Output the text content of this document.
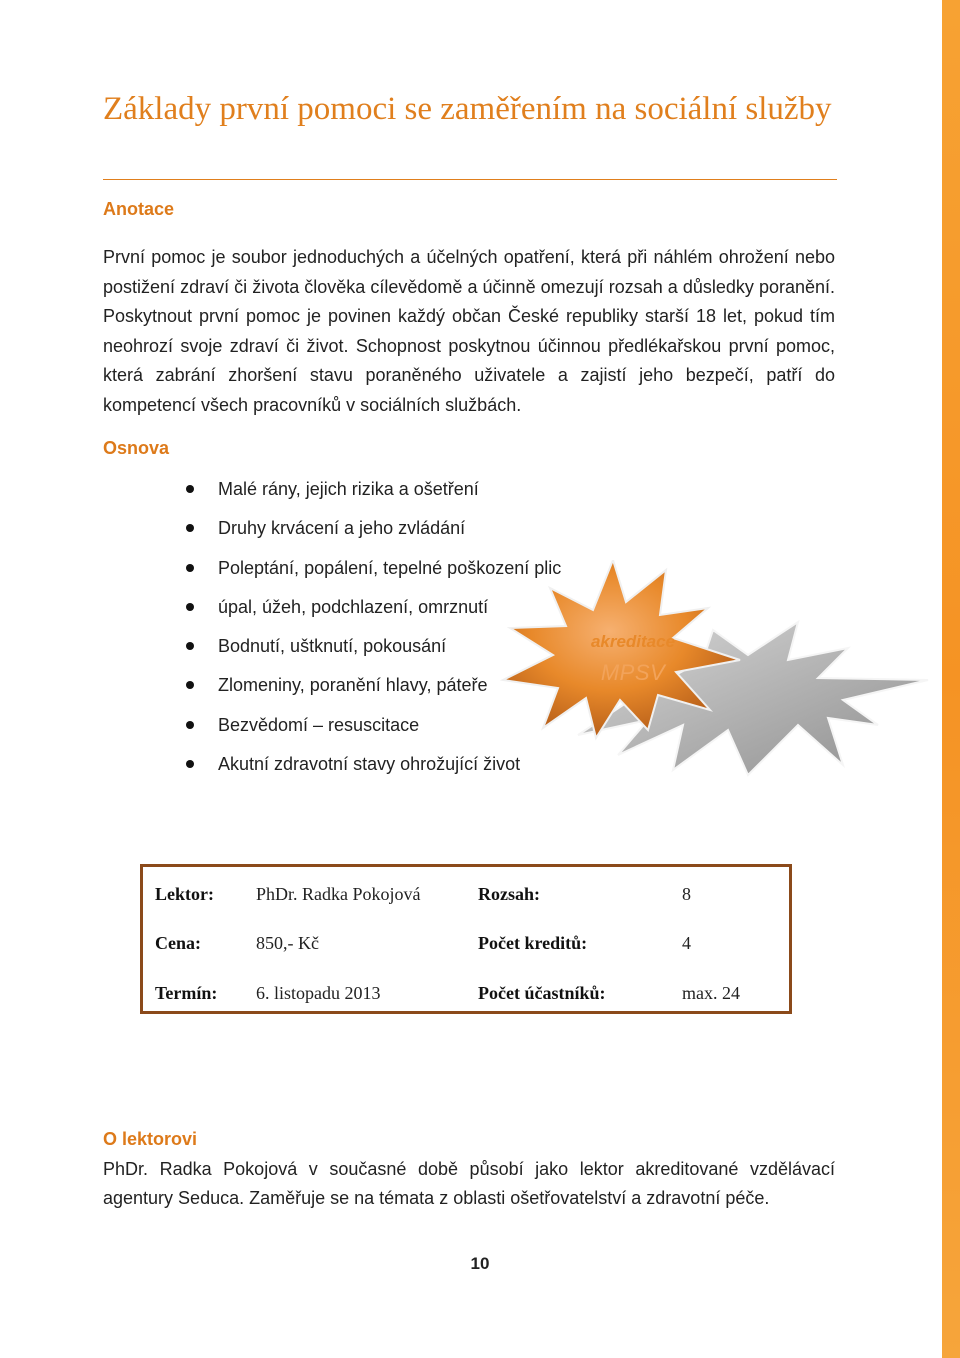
Základy první pomoci se zaměřením na sociální služby
Anotace

První pomoc je soubor jednoduchých a účelných opatření, která při náhlém ohrožení nebo postižení zdraví či života člověka cílevědomě a účinně omezují rozsah a důsledky poranění. Poskytnout první pomoc je povinen každý občan České republiky starší 18 let, pokud tím neohrozí svoje zdraví či život. Schopnost poskytnou účinnou předlékařskou první pomoc, která zabrání zhoršení stavu poraněného uživatele a zajistí jeho bezpečí, patří do kompetencí všech pracovníků v sociálních službách.

Osnova
Malé rány, jejich rizika a ošetření
Druhy krvácení a jeho zvládání
Poleptání, popálení, tepelné poškození plic
úpal, úžeh, podchlazení, omrznutí
Bodnutí, uštknutí, pokousání
Zlomeniny, poranění hlavy, páteře
Bezvědomí – resuscitace
Akutní zdravotní stavy ohrožující život
akreditace
MPSV
Lektor: PhDr. Radka Pokojová	Rozsah:	8
Cena:	850,- Kč	Počet kreditů:	4
Termín: 6. listopadu 2013	Počet účastníků:	max. 24
O lektorovi

PhDr. Radka Pokojová v současné době působí jako lektor akreditované vzdělávací agentury Seduca. Zaměřuje se na témata z oblasti ošetřovatelství a zdravotní péče.

10
